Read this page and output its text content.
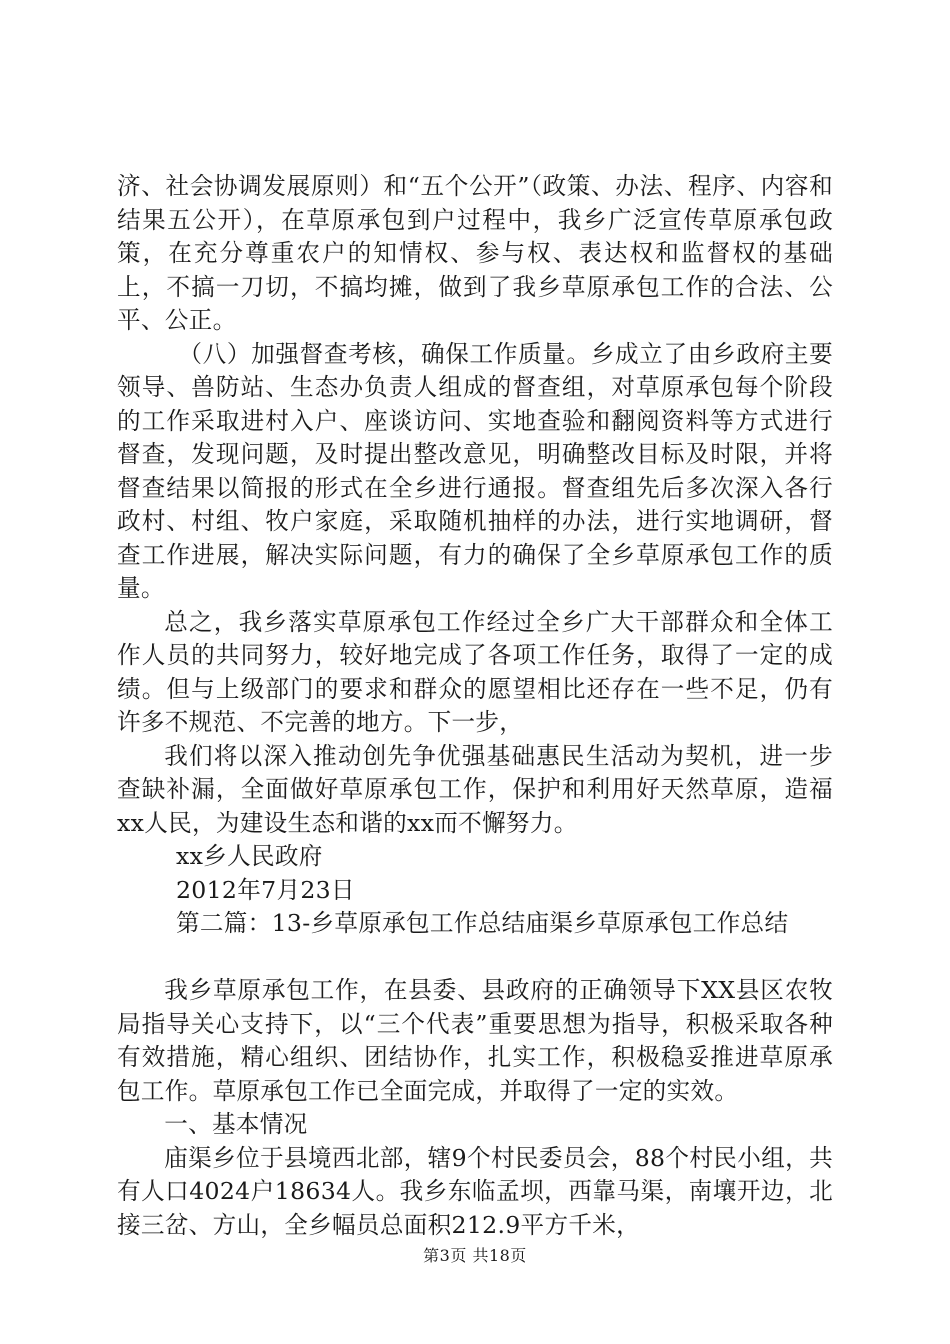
济、社会协调发展原则）和“五个公开”（政策、办法、程序、内容和结果五公开），在草原承包到户过程中，我乡广泛宣传草原承包政策，在充分尊重农户的知情权、参与权、表达权和监督权的基础上，不搞一刀切，不搞均摊，做到了我乡草原承包工作的合法、公平、公正。

（八）加强督查考核，确保工作质量。乡成立了由乡政府主要领导、兽防站、生态办负责人组成的督查组，对草原承包每个阶段的工作采取进村入户、座谈访问、实地查验和翻阅资料等方式进行督查，发现问题，及时提出整改意见，明确整改目标及时限，并将督查结果以简报的形式在全乡进行通报。督查组先后多次深入各行政村、村组、牧户家庭，采取随机抽样的办法，进行实地调研，督查工作进展，解决实际问题，有力的确保了全乡草原承包工作的质量。

总之，我乡落实草原承包工作经过全乡广大干部群众和全体工作人员的共同努力，较好地完成了各项工作任务，取得了一定的成绩。但与上级部门的要求和群众的愿望相比还存在一些不足，仍有许多不规范、不完善的地方。下一步，

我们将以深入推动创先争优强基础惠民生活动为契机，进一步查缺补漏，全面做好草原承包工作，保护和利用好天然草原，造福xx人民，为建设生态和谐的xx而不懈努力。

xx乡人民政府

2012年7月23日

第二篇：13-乡草原承包工作总结庙渠乡草原承包工作总结

我乡草原承包工作，在县委、县政府的正确领导下XX县区农牧局指导关心支持下，以“三个代表”重要思想为指导，积极采取各种有效措施，精心组织、团结协作，扎实工作，积极稳妥推进草原承包工作。草原承包工作已全面完成，并取得了一定的实效。

一、基本情况

庙渠乡位于县境西北部，辖9个村民委员会，88个村民小组，共有人口4024户18634人。我乡东临孟坝，西靠马渠，南壤开边，北接三岔、方山，全乡幅员总面积212.9平方千米，

第3页 共18页
